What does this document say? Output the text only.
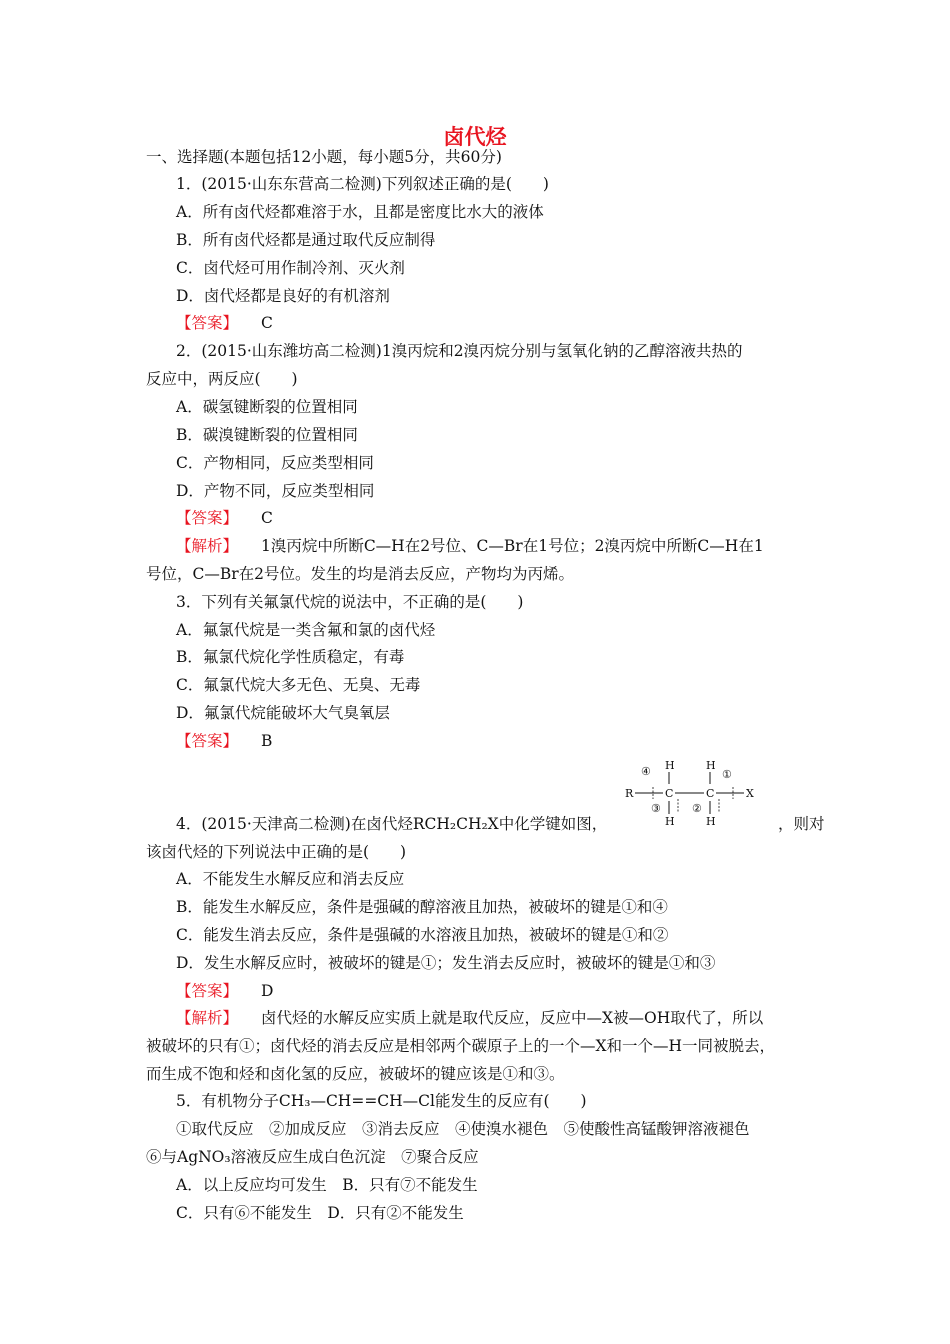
卤代烃
一、选择题(本题包括12小题，每小题5分，共60分)
1．(2015·山东东营高二检测)下列叙述正确的是(　　)
A．所有卤代烃都难溶于水，且都是密度比水大的液体
B．所有卤代烃都是通过取代反应制得
C．卤代烃可用作制冷剂、灭火剂
D．卤代烃都是良好的有机溶剂
【答案】 C
2．(2015·山东潍坊高二检测)1溴丙烷和2溴丙烷分别与氢氧化钠的乙醇溶液共热的
反应中，两反应(　　)
A．碳氢键断裂的位置相同
B．碳溴键断裂的位置相同
C．产物相同，反应类型相同
D．产物不同，反应类型相同
【答案】 C
【解析】 1溴丙烷中所断C—H在2号位、C—Br在1号位；2溴丙烷中所断C—H在1
号位，C—Br在2号位。发生的均是消去反应，产物均为丙烯。
3．下列有关氟氯代烷的说法中，不正确的是(　　)
A．氟氯代烷是一类含氟和氯的卤代烃
B．氟氯代烷化学性质稳定，有毒
C．氟氯代烷大多无色、无臭、无毒
D．氟氯代烷能破坏大气臭氧层
【答案】 B
H	H
④	①
R	C	C	X
③	②
H	H
4．(2015·天津高二检测)在卤代烃RCH₂CH₂X中化学键如图，	，则对
该卤代烃的下列说法中正确的是(　　)
A．不能发生水解反应和消去反应
B．能发生水解反应，条件是强碱的醇溶液且加热，被破坏的键是①和④
C．能发生消去反应，条件是强碱的水溶液且加热，被破坏的键是①和②
D．发生水解反应时，被破坏的键是①；发生消去反应时，被破坏的键是①和③
【答案】 D
【解析】 卤代烃的水解反应实质上就是取代反应，反应中—X被—OH取代了，所以
被破坏的只有①；卤代烃的消去反应是相邻两个碳原子上的一个—X和一个—H一同被脱去，
而生成不饱和烃和卤化氢的反应，被破坏的键应该是①和③。
5．有机物分子CH₃—CH==CH—Cl能发生的反应有(　　)
①取代反应　②加成反应　③消去反应　④使溴水褪色　⑤使酸性高锰酸钾溶液褪色
⑥与AgNO₃溶液反应生成白色沉淀　⑦聚合反应
A．以上反应均可发生　B．只有⑦不能发生
C．只有⑥不能发生　D．只有②不能发生
